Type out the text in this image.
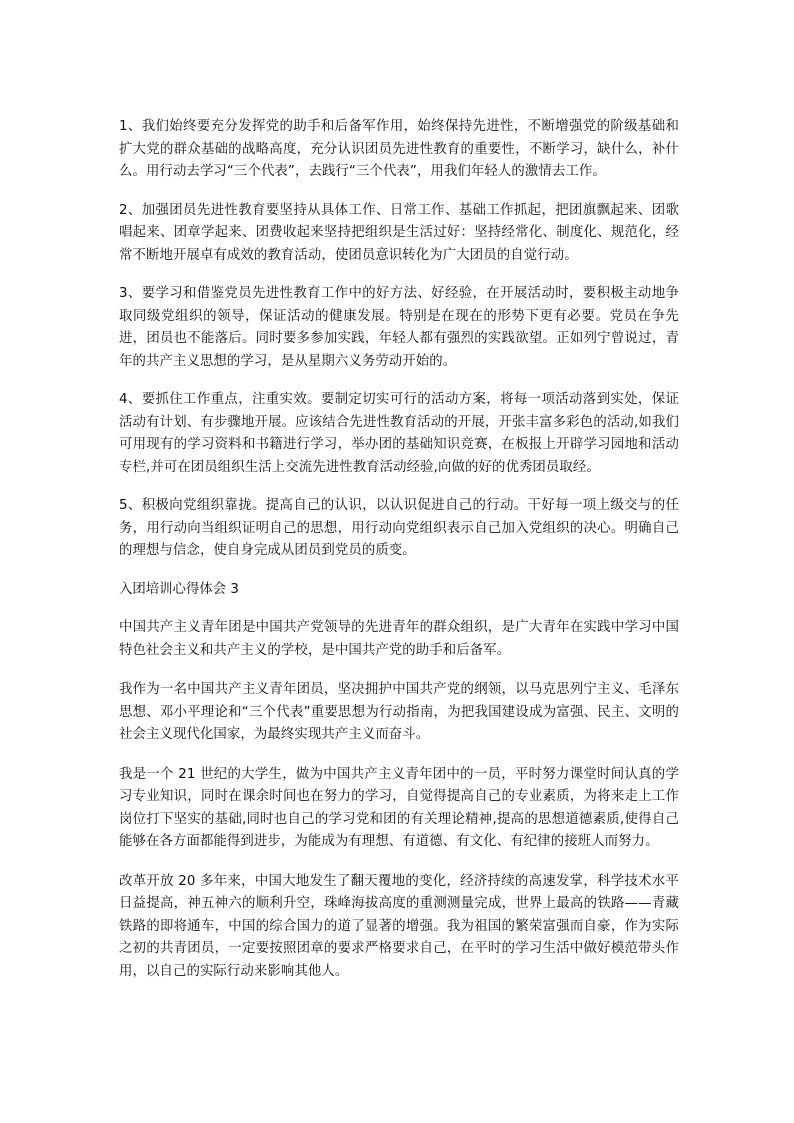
1、我们始终要充分发挥党的助手和后备军作用，始终保持先进性，不断增强党的阶级基础和扩大党的群众基础的战略高度，充分认识团员先进性教育的重要性，不断学习，缺什么，补什么。用行动去学习“三个代表”，去践行“三个代表”，用我们年轻人的激情去工作。

2、加强团员先进性教育要坚持从具体工作、日常工作、基础工作抓起，把团旗飘起来、团歌唱起来、团章学起来、团费收起来坚持把组织是生活过好：坚持经常化、制度化、规范化，经常不断地开展卓有成效的教育活动，使团员意识转化为广大团员的自觉行动。

3、要学习和借鉴党员先进性教育工作中的好方法、好经验，在开展活动时，要积极主动地争取同级党组织的领导，保证活动的健康发展。特别是在现在的形势下更有必要。党员在争先进，团员也不能落后。同时要多参加实践，年轻人都有强烈的实践欲望。正如列宁曾说过，青年的共产主义思想的学习，是从星期六义务劳动开始的。

4、要抓住工作重点，注重实效。要制定切实可行的活动方案，将每一项活动落到实处，保证活动有计划、有步骤地开展。应该结合先进性教育活动的开展，开张丰富多彩色的活动,如我们可用现有的学习资料和书籍进行学习，举办团的基础知识竞赛，在板报上开辟学习园地和活动专栏,并可在团员组织生活上交流先进性教育活动经验,向做的好的优秀团员取经。

5、积极向党组织靠拢。提高自己的认识，以认识促进自己的行动。干好每一项上级交与的任务，用行动向当组织证明自己的思想，用行动向党组织表示自己加入党组织的决心。明确自己的理想与信念，使自身完成从团员到党员的质变。

入团培训心得体会 3

中国共产主义青年团是中国共产党领导的先进青年的群众组织，是广大青年在实践中学习中国特色社会主义和共产主义的学校，是中国共产党的助手和后备军。

我作为一名中国共产主义青年团员，坚决拥护中国共产党的纲领，以马克思列宁主义、毛泽东思想、邓小平理论和“三个代表”重要思想为行动指南，为把我国建设成为富强、民主、文明的社会主义现代化国家，为最终实现共产主义而奋斗。

我是一个 21 世纪的大学生，做为中国共产主义青年团中的一员，平时努力课堂时间认真的学习专业知识，同时在课余时间也在努力的学习，自觉得提高自己的专业素质，为将来走上工作岗位打下坚实的基础,同时也自己的学习党和团的有关理论精神,提高的思想道德素质,使得自己能够在各方面都能得到进步，为能成为有理想、有道德、有文化、有纪律的接班人而努力。

改革开放 20 多年来，中国大地发生了翻天覆地的变化，经济持续的高速发掌，科学技术水平日益提高，神五神六的顺利升空，珠峰海拔高度的重测测量完成，世界上最高的铁路——青藏铁路的即将通车，中国的综合国力的道了显著的增强。我为祖国的繁荣富强而自豪，作为实际之初的共青团员，一定要按照团章的要求严格要求自己，在平时的学习生活中做好模范带头作用，以自己的实际行动来影响其他人。
